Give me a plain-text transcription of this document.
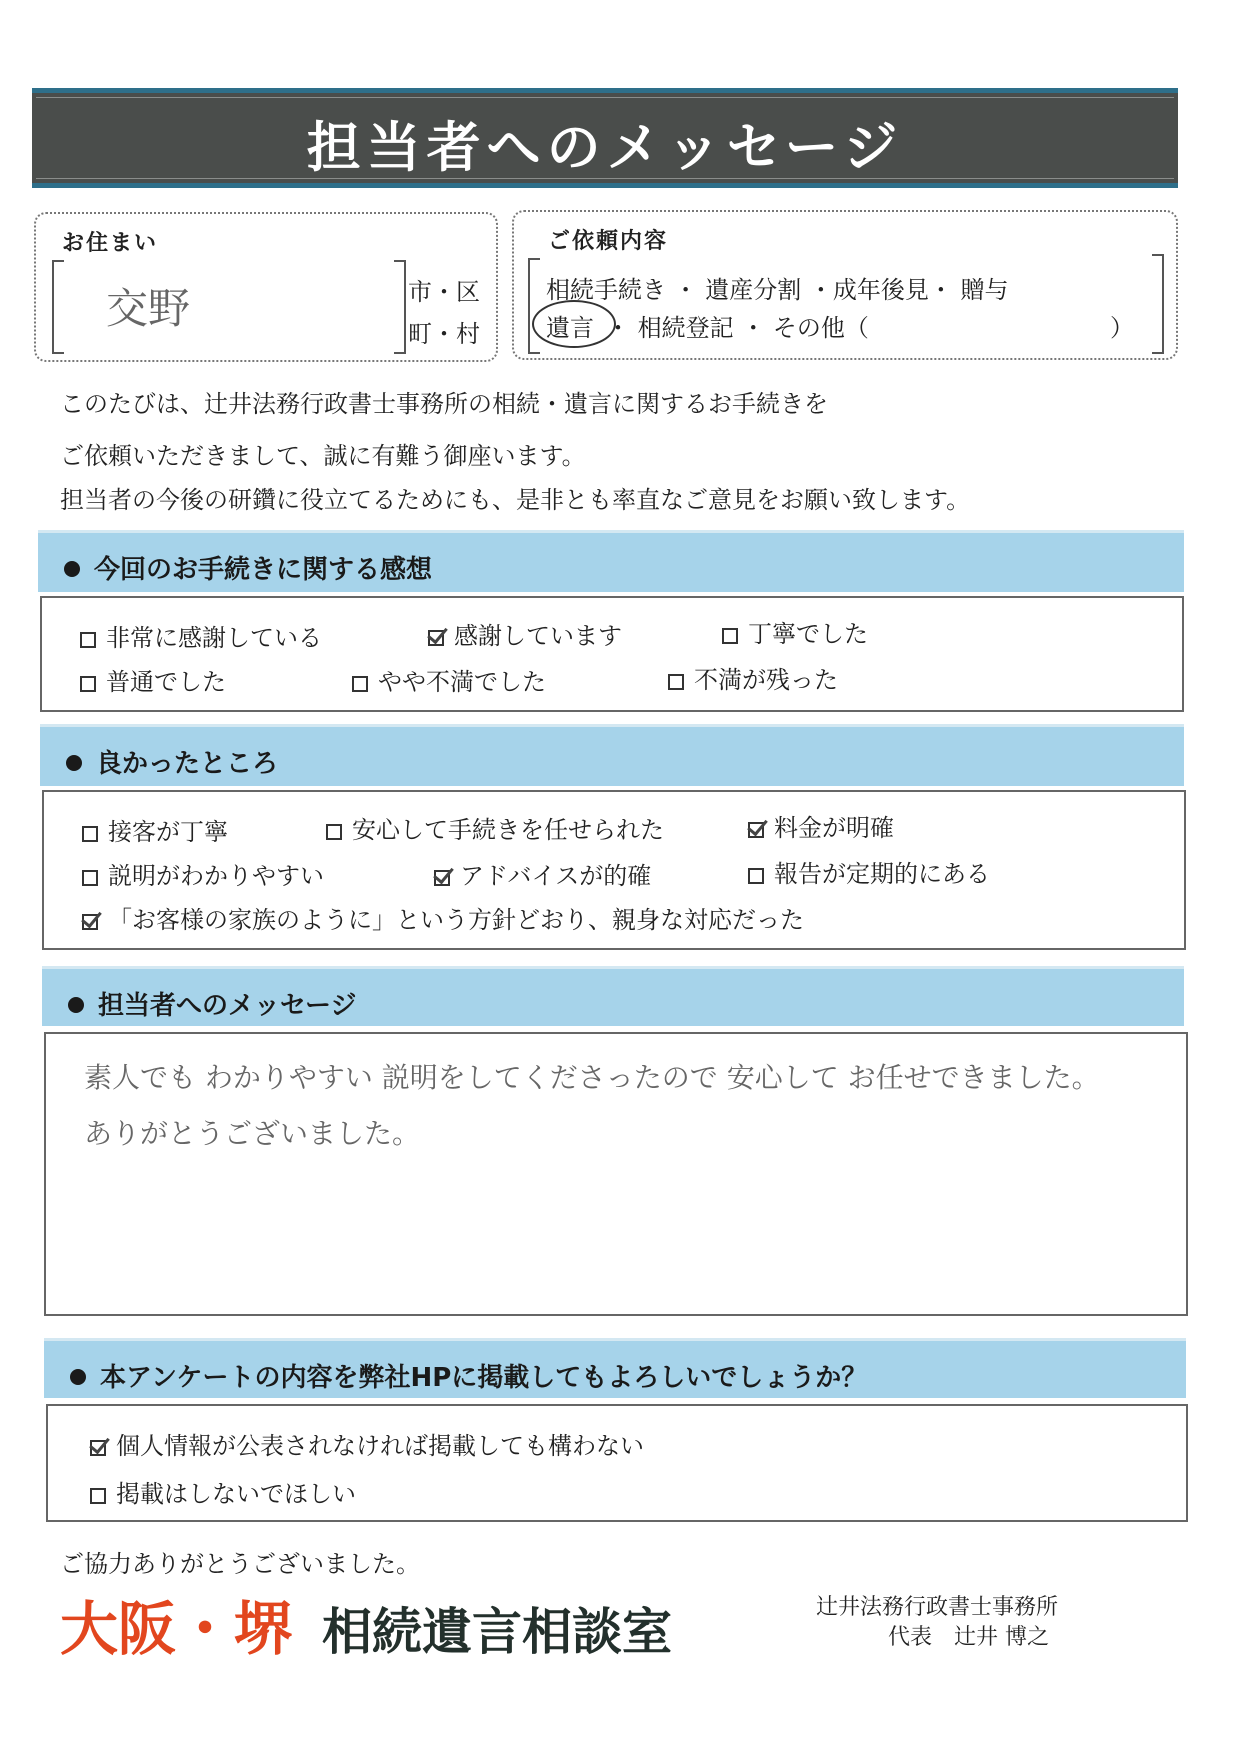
担当者へのメッセージ
お住まい
交野	市・区
町・村
ご依頼内容
相続手続き ・ 遺産分割 ・成年後見・ 贈与
遺言 ・ 相続登記 ・ その他（	）
このたびは、辻井法務行政書士事務所の相続・遺言に関するお手続きを
ご依頼いただきまして、誠に有難う御座います。
担当者の今後の研鑽に役立てるためにも、是非とも率直なご意見をお願い致します。
今回のお手続きに関する感想
非常に感謝している	感謝しています	丁寧でした
普通でした	やや不満でした	不満が残った
良かったところ
接客が丁寧	安心して手続きを任せられた	料金が明確
説明がわかりやすい	アドバイスが的確	報告が定期的にある
「お客様の家族のように」という方針どおり、親身な対応だった
担当者へのメッセージ
素人でも わかりやすい 説明をしてくださったので 安心して お任せできました。
ありがとうございました。
本アンケートの内容を弊社HPに掲載してもよろしいでしょうか？
個人情報が公表されなければ掲載しても構わない
掲載はしないでほしい
ご協力ありがとうございました。
大阪・堺 相続遺言相談室	辻井法務行政書士事務所
代表　辻井 博之
